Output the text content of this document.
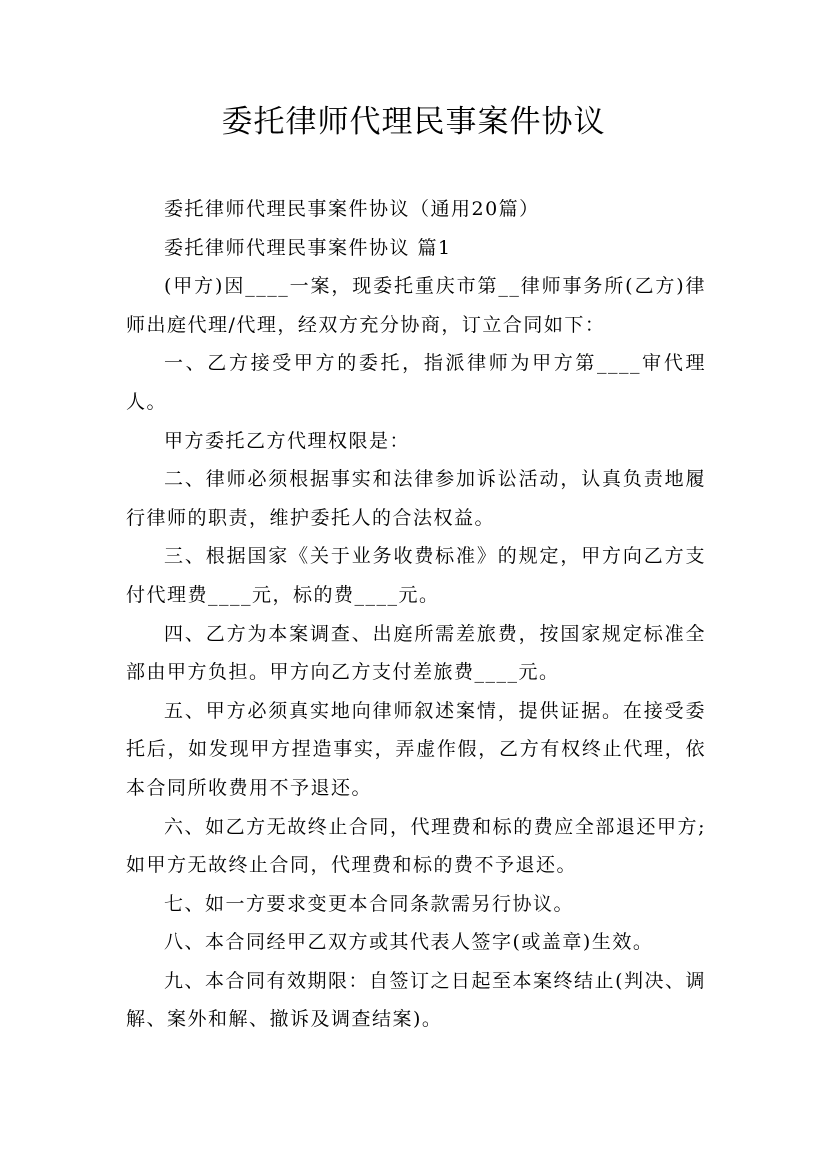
委托律师代理民事案件协议

委托律师代理民事案件协议（通用20篇）

委托律师代理民事案件协议 篇1

(甲方)因____一案，现委托重庆市第__律师事务所(乙方)律师出庭代理/代理，经双方充分协商，订立合同如下：

一、乙方接受甲方的委托，指派律师为甲方第____审代理人。

甲方委托乙方代理权限是：

二、律师必须根据事实和法律参加诉讼活动，认真负责地履行律师的职责，维护委托人的合法权益。

三、根据国家《关于业务收费标准》的规定，甲方向乙方支付代理费____元，标的费____元。

四、乙方为本案调查、出庭所需差旅费，按国家规定标准全部由甲方负担。甲方向乙方支付差旅费____元。

五、甲方必须真实地向律师叙述案情，提供证据。在接受委托后，如发现甲方捏造事实，弄虚作假，乙方有权终止代理，依本合同所收费用不予退还。

六、如乙方无故终止合同，代理费和标的费应全部退还甲方;如甲方无故终止合同，代理费和标的费不予退还。

七、如一方要求变更本合同条款需另行协议。

八、本合同经甲乙双方或其代表人签字(或盖章)生效。

九、本合同有效期限：自签订之日起至本案终结止(判决、调解、案外和解、撤诉及调查结案)。
